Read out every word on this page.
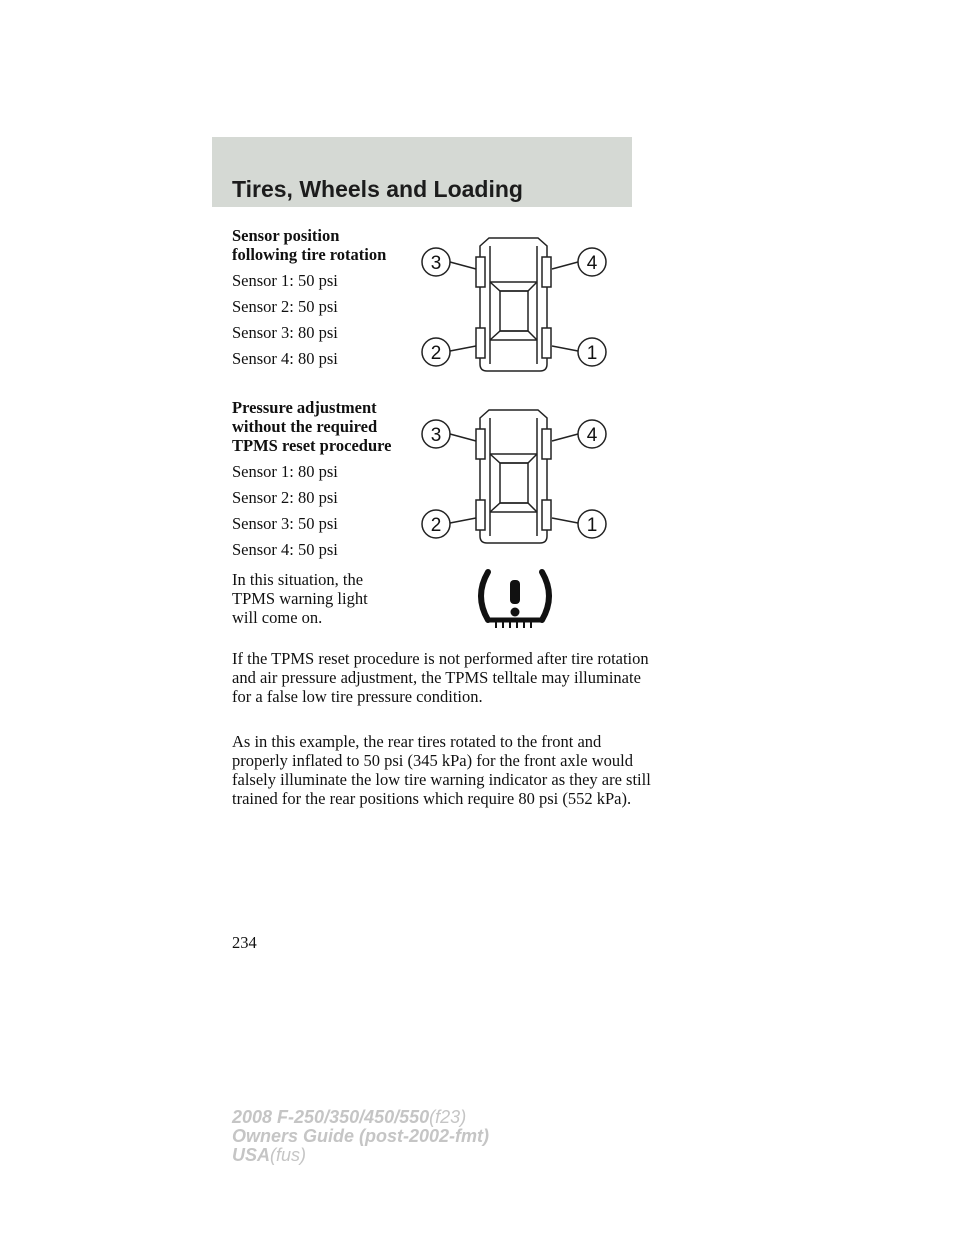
Tires, Wheels and Loading
Sensor position following tire rotation
Sensor 1: 50 psi
Sensor 2: 50 psi
Sensor 3: 80 psi
Sensor 4: 80 psi
3	4
2	1
Pressure adjustment without the required TPMS reset procedure
Sensor 1: 80 psi
Sensor 2: 80 psi
Sensor 3: 50 psi
Sensor 4: 50 psi
3	4
2	1

In this situation, the TPMS warning light will come on.

If the TPMS reset procedure is not performed after tire rotation and air pressure adjustment, the TPMS telltale may illuminate for a false low tire pressure condition.

As in this example, the rear tires rotated to the front and properly inflated to 50 psi (345 kPa) for the front axle would falsely illuminate the low tire warning indicator as they are still trained for the rear positions which require 80 psi (552 kPa).

234
2008 F-250/350/450/550(f23)
Owners Guide (post-2002-fmt)
USA(fus)
